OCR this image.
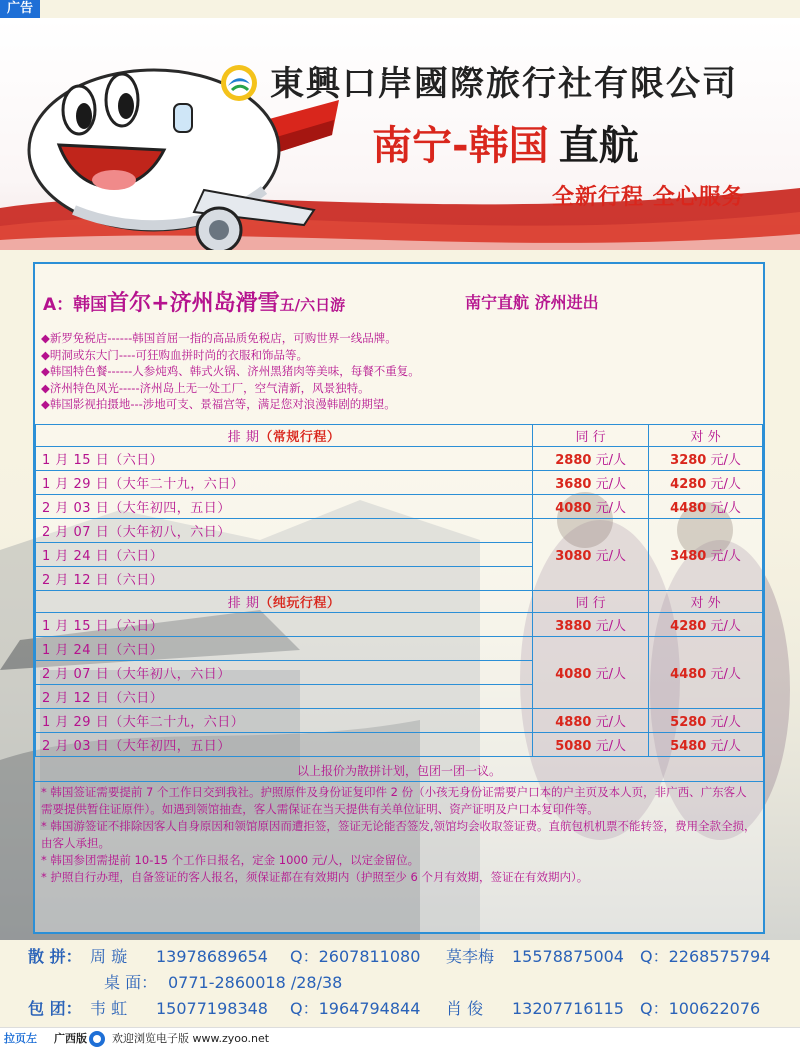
广告
東興口岸國際旅行社有限公司
南宁-韩国 直航
全新行程 全心服务
A：韩国首尔+济州岛滑雪五/六日游	南宁直航 济州进出
◆新罗免税店------韩国首屈一指的高品质免税店，可购世界一线品牌。
◆明洞或东大门----可狂购血拼时尚的衣服和饰品等。
◆韩国特色餐------人参炖鸡、韩式火锅、济州黑猪肉等美味，每餐不重复。
◆济州特色风光-----济州岛上无一处工厂，空气清新，风景独特。
◆韩国影视拍摄地---涉地可支、景福宫等，满足您对浪漫韩剧的期望。
排 期（常规行程）	同 行	对 外
1 月 15 日（六日）	2880 元/人	3280 元/人
1 月 29 日（大年二十九，六日）	3680 元/人	4280 元/人
2 月 03 日（大年初四，五日）	4080 元/人	4480 元/人
2 月 07 日（大年初八，六日）	3080 元/人	3480 元/人
1 月 24 日（六日）		
2 月 12 日（六日）		
排 期（纯玩行程）	同 行	对 外
1 月 15 日（六日）	3880 元/人	4280 元/人
1 月 24 日（六日）	4080 元/人	4480 元/人
2 月 07 日（大年初八，六日）		
2 月 12 日（六日）		
1 月 29 日（大年二十九，六日）	4880 元/人	5280 元/人
2 月 03 日（大年初四，五日）	5080 元/人	5480 元/人
以上报价为散拼计划，包团一团一议。

* 韩国签证需要提前 7 个工作日交到我社。护照原件及身份证复印件 2 份（小孩无身份证需要户口本的户主页及本人页，非广西、广东客人需要提供暂住证原件）。如遇到领馆抽查，客人需保证在当天提供有关单位证明、资产证明及户口本复印件等。

* 韩国游签证不排除因客人自身原因和领馆原因而遭拒签，签证无论能否签发,领馆均会收取签证费。直航包机机票不能转签，费用全款全损，由客人承担。

* 韩国参团需提前 10-15 个工作日报名，定金 1000 元/人，以定金留位。

* 护照自行办理，自备签证的客人报名，须保证都在有效期内（护照至少 6 个月有效期，签证在有效期内）。

散 拼： 周 璇 13978689654 Q：2607811080 莫李梅 15578875004 Q：2268575794
桌 面： 0771-2860018 /28/38
包 团： 韦 虹 15077198348 Q：1964794844 肖 俊 13207716115 Q：100622076
拉页左 广西版 欢迎浏览电子版 www.zyoo.net
